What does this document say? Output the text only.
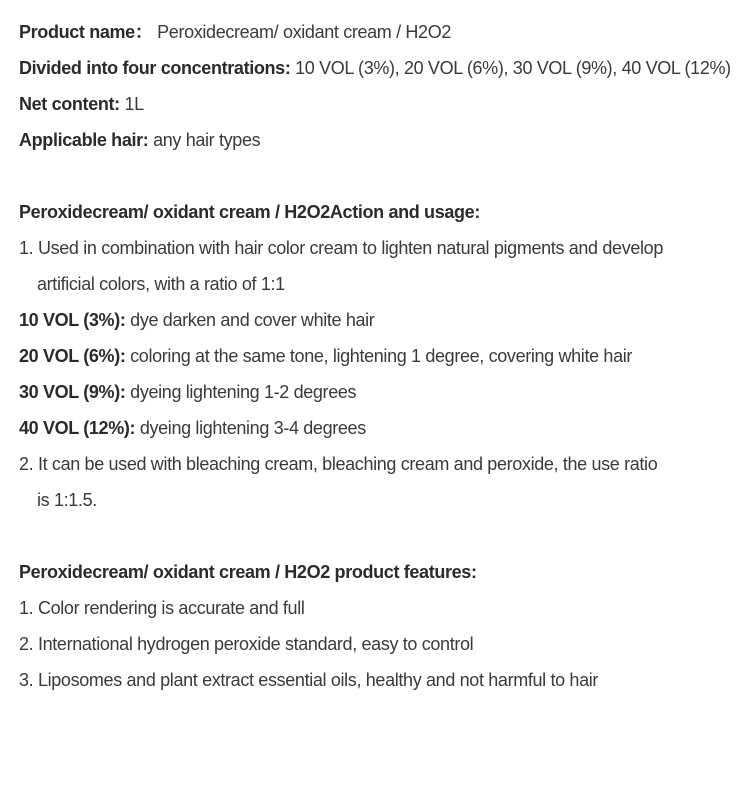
Product name： Peroxidecream/ oxidant cream / H2O2
Divided into four concentrations: 10 VOL (3%), 20 VOL (6%), 30 VOL (9%), 40 VOL (12%)
Net content: 1L
Applicable hair: any hair types
Peroxidecream/ oxidant cream / H2O2Action and usage:
1. Used in combination with hair color cream to lighten natural pigments and develop
artificial colors, with a ratio of 1:1
10 VOL (3%): dye darken and cover white hair
20 VOL (6%): coloring at the same tone, lightening 1 degree, covering white hair
30 VOL (9%): dyeing lightening 1-2 degrees
40 VOL (12%): dyeing lightening 3-4 degrees
2. It can be used with bleaching cream, bleaching cream and peroxide, the use ratio
is 1:1.5.
Peroxidecream/ oxidant cream / H2O2 product features:
1. Color rendering is accurate and full
2. International hydrogen peroxide standard, easy to control
3. Liposomes and plant extract essential oils, healthy and not harmful to hair
